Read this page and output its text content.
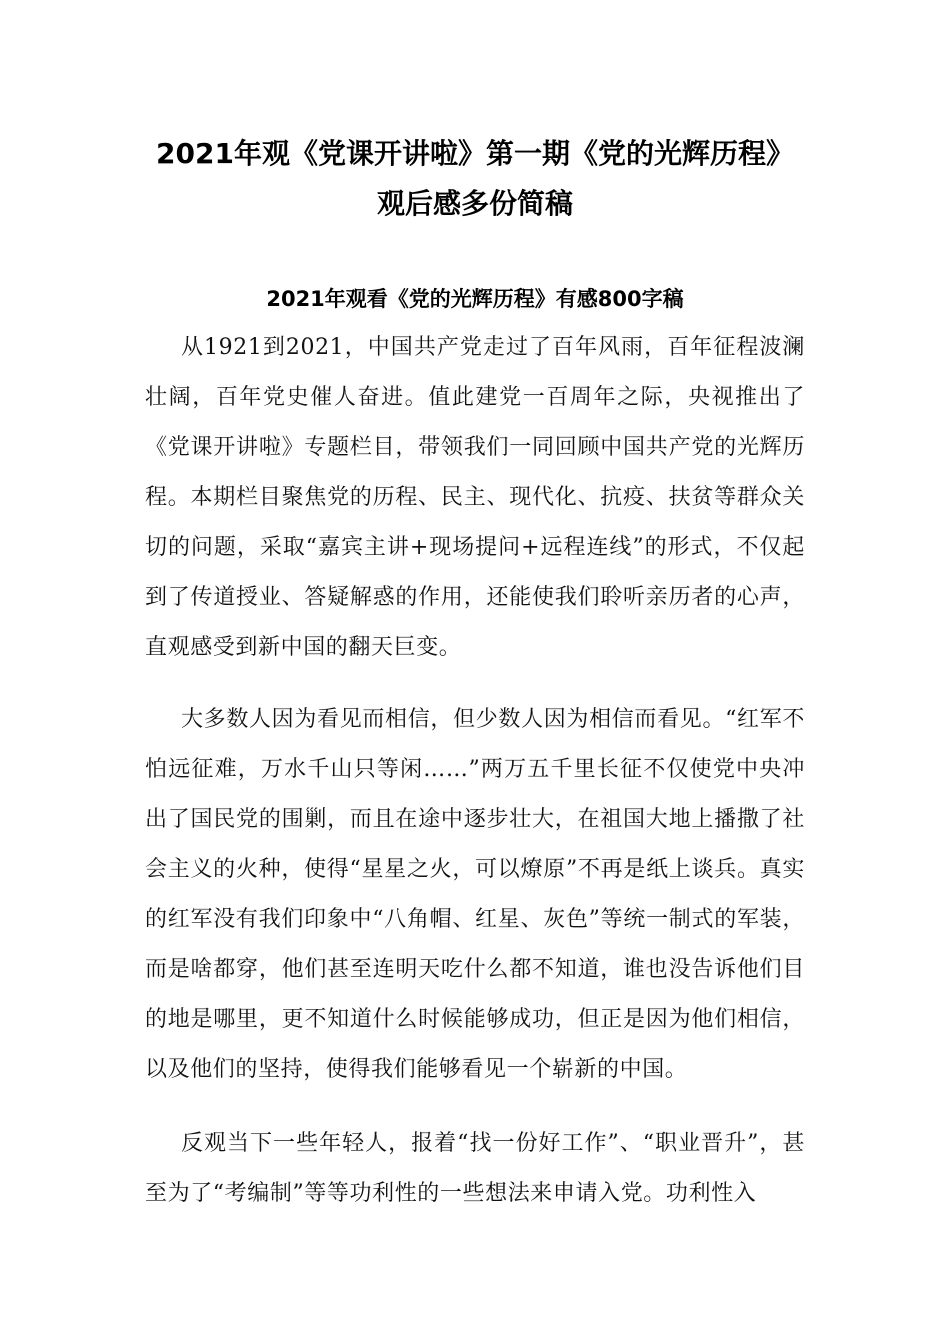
2021年观《党课开讲啦》第一期《党的光辉历程》
观后感多份简稿
2021年观看《党的光辉历程》有感800字稿

从1921到2021，中国共产党走过了百年风雨，百年征程波澜壮阔，百年党史催人奋进。值此建党一百周年之际，央视推出了《党课开讲啦》专题栏目，带领我们一同回顾中国共产党的光辉历程。本期栏目聚焦党的历程、民主、现代化、抗疫、扶贫等群众关切的问题，采取“嘉宾主讲+现场提问+远程连线”的形式，不仅起到了传道授业、答疑解惑的作用，还能使我们聆听亲历者的心声，直观感受到新中国的翻天巨变。

大多数人因为看见而相信，但少数人因为相信而看见。“红军不怕远征难，万水千山只等闲……”两万五千里长征不仅使党中央冲出了国民党的围剿，而且在途中逐步壮大，在祖国大地上播撒了社会主义的火种，使得“星星之火，可以燎原”不再是纸上谈兵。真实的红军没有我们印象中“八角帽、红星、灰色”等统一制式的军装，而是啥都穿，他们甚至连明天吃什么都不知道，谁也没告诉他们目的地是哪里，更不知道什么时候能够成功，但正是因为他们相信，以及他们的坚持，使得我们能够看见一个崭新的中国。

反观当下一些年轻人，报着“找一份好工作”、“职业晋升”，甚至为了“考编制”等等功利性的一些想法来申请入党。功利性入
